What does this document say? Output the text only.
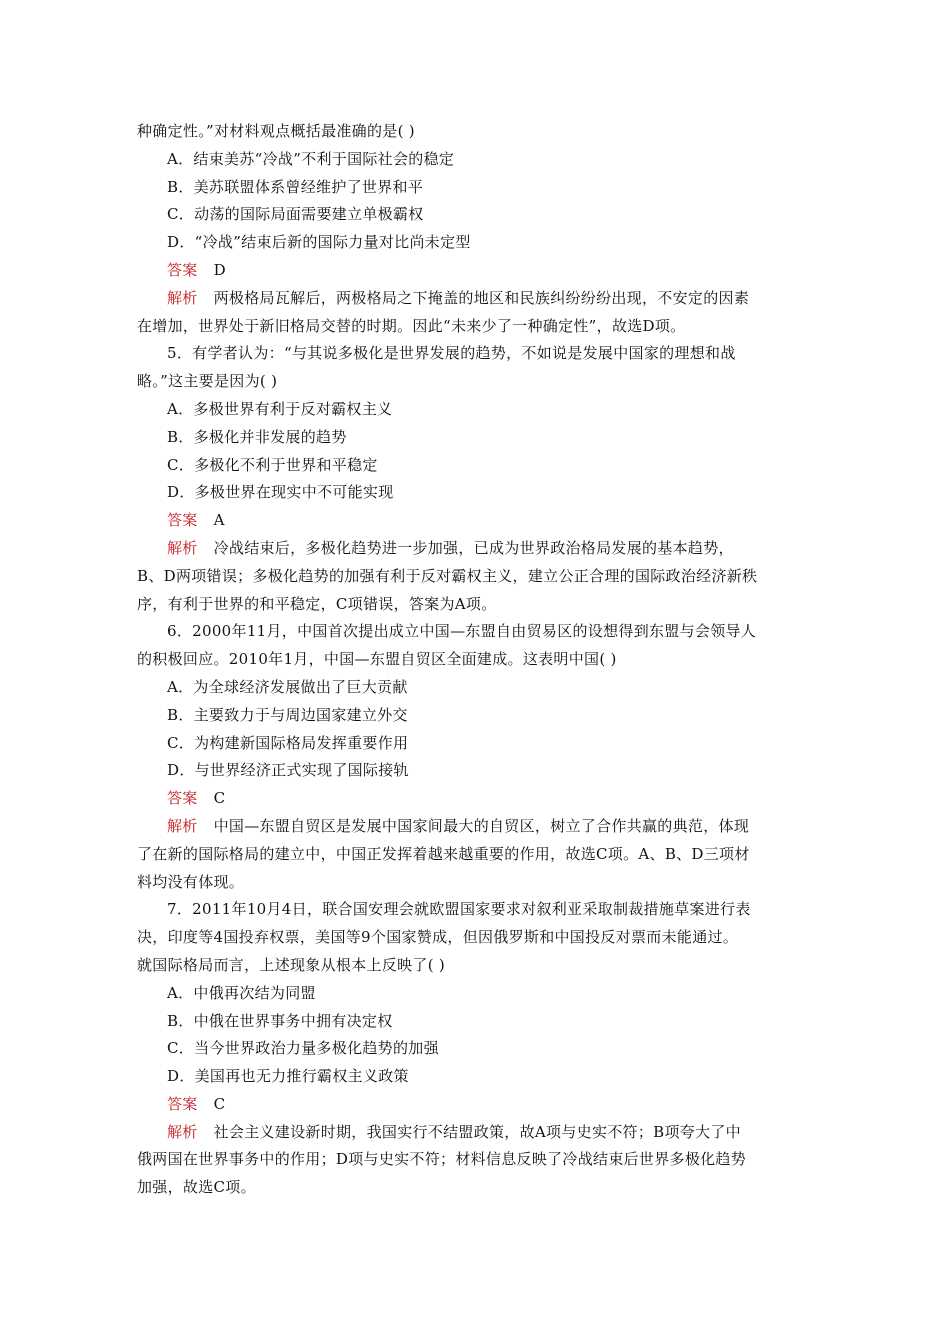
种确定性。”对材料观点概括最准确的是( )
A．结束美苏“冷战”不利于国际社会的稳定
B．美苏联盟体系曾经维护了世界和平
C．动荡的国际局面需要建立单极霸权
D．“冷战”结束后新的国际力量对比尚未定型
答案 D
解析 两极格局瓦解后，两极格局之下掩盖的地区和民族纠纷纷纷出现，不安定的因素
在增加，世界处于新旧格局交替的时期。因此“未来少了一种确定性”，故选D项。
5．有学者认为：“与其说多极化是世界发展的趋势，不如说是发展中国家的理想和战
略。”这主要是因为( )
A．多极世界有利于反对霸权主义
B．多极化并非发展的趋势
C．多极化不利于世界和平稳定
D．多极世界在现实中不可能实现
答案 A
解析 冷战结束后，多极化趋势进一步加强，已成为世界政治格局发展的基本趋势，
B、D两项错误；多极化趋势的加强有利于反对霸权主义，建立公正合理的国际政治经济新秩
序，有利于世界的和平稳定，C项错误，答案为A项。
6．2000年11月，中国首次提出成立中国—东盟自由贸易区的设想得到东盟与会领导人
的积极回应。2010年1月，中国—东盟自贸区全面建成。这表明中国( )
A．为全球经济发展做出了巨大贡献
B．主要致力于与周边国家建立外交
C．为构建新国际格局发挥重要作用
D．与世界经济正式实现了国际接轨
答案 C
解析 中国—东盟自贸区是发展中国家间最大的自贸区，树立了合作共赢的典范，体现
了在新的国际格局的建立中，中国正发挥着越来越重要的作用，故选C项。A、B、D三项材
料均没有体现。
7．2011年10月4日，联合国安理会就欧盟国家要求对叙利亚采取制裁措施草案进行表
决，印度等4国投弃权票，美国等9个国家赞成，但因俄罗斯和中国投反对票而未能通过。
就国际格局而言，上述现象从根本上反映了( )
A．中俄再次结为同盟
B．中俄在世界事务中拥有决定权
C．当今世界政治力量多极化趋势的加强
D．美国再也无力推行霸权主义政策
答案 C
解析 社会主义建设新时期，我国实行不结盟政策，故A项与史实不符；B项夸大了中
俄两国在世界事务中的作用；D项与史实不符；材料信息反映了冷战结束后世界多极化趋势
加强，故选C项。
